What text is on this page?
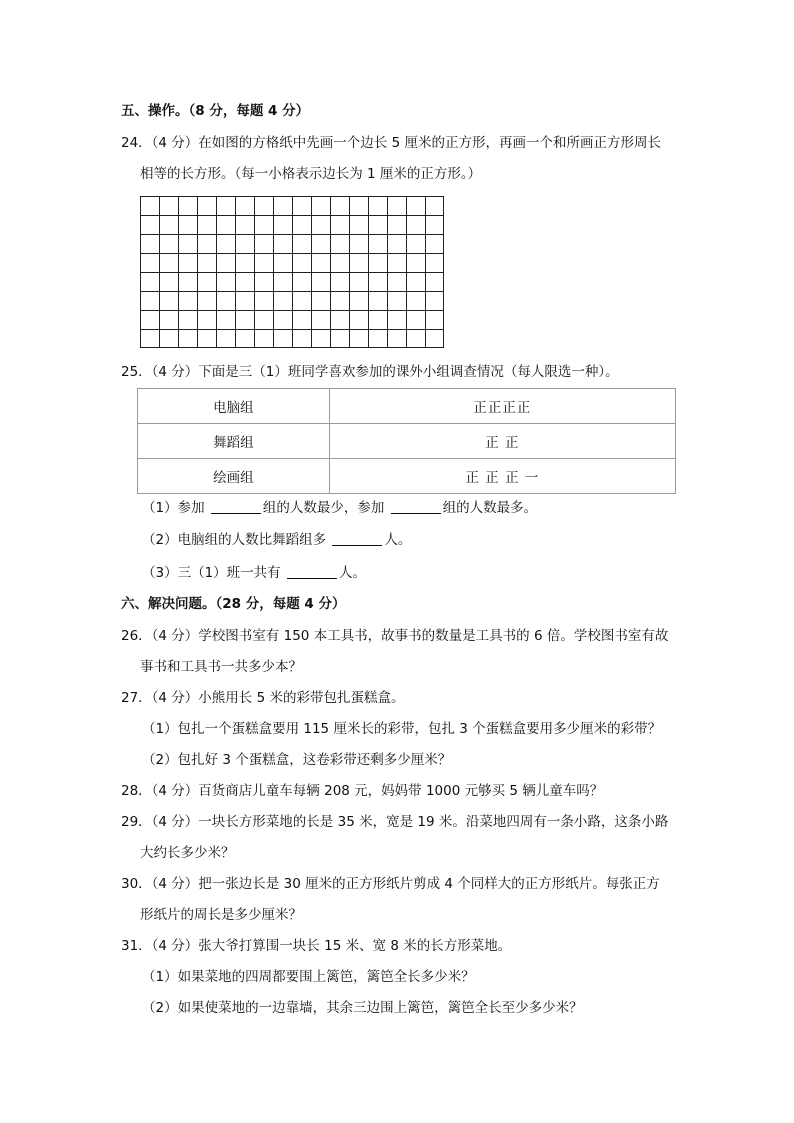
五、操作。（8 分，每题 4 分）
24．（4 分）在如图的方格纸中先画一个边长 5 厘米的正方形，再画一个和所画正方形周长
相等的长方形。（每一小格表示边长为 1 厘米的正方形。）
25．（4 分）下面是三（1）班同学喜欢参加的课外小组调查情况（每人限选一种）。
电脑组	正正正正
舞蹈组	正 正
绘画组	正 正 正 一
（1）参加	组的人数最少，参加	组的人数最多。
（2）电脑组的人数比舞蹈组多	人。
（3）三（1）班一共有	人。
六、解决问题。（28 分，每题 4 分）
26．（4 分）学校图书室有 150 本工具书，故事书的数量是工具书的 6 倍。学校图书室有故
事书和工具书一共多少本？
27．（4 分）小熊用长 5 米的彩带包扎蛋糕盒。
（1）包扎一个蛋糕盒要用 115 厘米长的彩带，包扎 3 个蛋糕盒要用多少厘米的彩带？
（2）包扎好 3 个蛋糕盒，这卷彩带还剩多少厘米？
28．（4 分）百货商店儿童车每辆 208 元，妈妈带 1000 元够买 5 辆儿童车吗？
29．（4 分）一块长方形菜地的长是 35 米，宽是 19 米。沿菜地四周有一条小路，这条小路
大约长多少米？
30．（4 分）把一张边长是 30 厘米的正方形纸片剪成 4 个同样大的正方形纸片。每张正方
形纸片的周长是多少厘米？
31．（4 分）张大爷打算围一块长 15 米、宽 8 米的长方形菜地。
（1）如果菜地的四周都要围上篱笆，篱笆全长多少米？
（2）如果使菜地的一边靠墙，其余三边围上篱笆，篱笆全长至少多少米？
